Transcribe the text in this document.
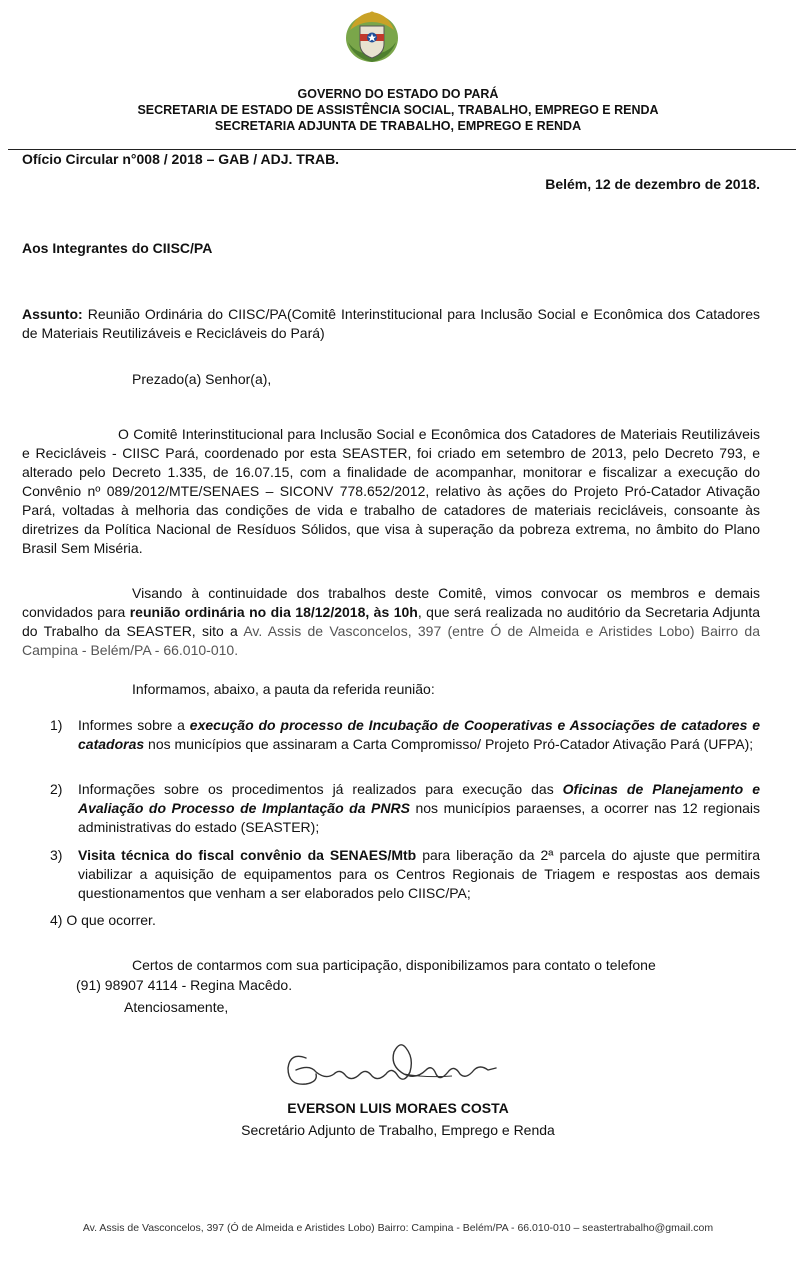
GOVERNO DO ESTADO DO PARÁ
SECRETARIA DE ESTADO DE ASSISTÊNCIA SOCIAL, TRABALHO, EMPREGO E RENDA
SECRETARIA ADJUNTA DE TRABALHO, EMPREGO E RENDA
Ofício Circular n°008 / 2018 – GAB / ADJ. TRAB.
Belém, 12 de dezembro de 2018.
Aos Integrantes do CIISC/PA
Assunto: Reunião Ordinária do CIISC/PA(Comitê Interinstitucional para Inclusão Social e Econômica dos Catadores de Materiais Reutilizáveis e Recicláveis do Pará)
Prezado(a) Senhor(a),
O Comitê Interinstitucional para Inclusão Social e Econômica dos Catadores de Materiais Reutilizáveis e Recicláveis - CIISC Pará, coordenado por esta SEASTER, foi criado em setembro de 2013, pelo Decreto 793, e alterado pelo Decreto 1.335, de 16.07.15, com a finalidade de acompanhar, monitorar e fiscalizar a execução do Convênio nº 089/2012/MTE/SENAES – SICONV 778.652/2012, relativo às ações do Projeto Pró-Catador Ativação Pará, voltadas à melhoria das condições de vida e trabalho de catadores de materiais recicláveis, consoante às diretrizes da Política Nacional de Resíduos Sólidos, que visa à superação da pobreza extrema, no âmbito do Plano Brasil Sem Miséria.
Visando à continuidade dos trabalhos deste Comitê, vimos convocar os membros e demais convidados para reunião ordinária no dia 18/12/2018, às 10h, que será realizada no auditório da Secretaria Adjunta do Trabalho da SEASTER, sito a Av. Assis de Vasconcelos, 397 (entre Ó de Almeida e Aristides Lobo) Bairro da Campina - Belém/PA - 66.010-010.
Informamos, abaixo, a pauta da referida reunião:
1) Informes sobre a execução do processo de Incubação de Cooperativas e Associações de catadores e catadoras nos municípios que assinaram a Carta Compromisso/ Projeto Pró-Catador Ativação Pará (UFPA);
2) Informações sobre os procedimentos já realizados para execução das Oficinas de Planejamento e Avaliação do Processo de Implantação da PNRS nos municípios paraenses, a ocorrer nas 12 regionais administrativas do estado (SEASTER);
3) Visita técnica do fiscal convênio da SENAES/Mtb para liberação da 2ª parcela do ajuste que permitira viabilizar a aquisição de equipamentos para os Centros Regionais de Triagem e respostas aos demais questionamentos que venham a ser elaborados pelo CIISC/PA;
4) O que ocorrer.
Certos de contarmos com sua participação, disponibilizamos para contato o telefone
(91) 98907 4114 - Regina Macêdo.
Atenciosamente,
EVERSON LUIS MORAES COSTA
Secretário Adjunto de Trabalho, Emprego e Renda
Av. Assis de Vasconcelos, 397 (Ó de Almeida e Aristides Lobo) Bairro: Campina - Belém/PA - 66.010-010 – seastertrabalho@gmail.com
